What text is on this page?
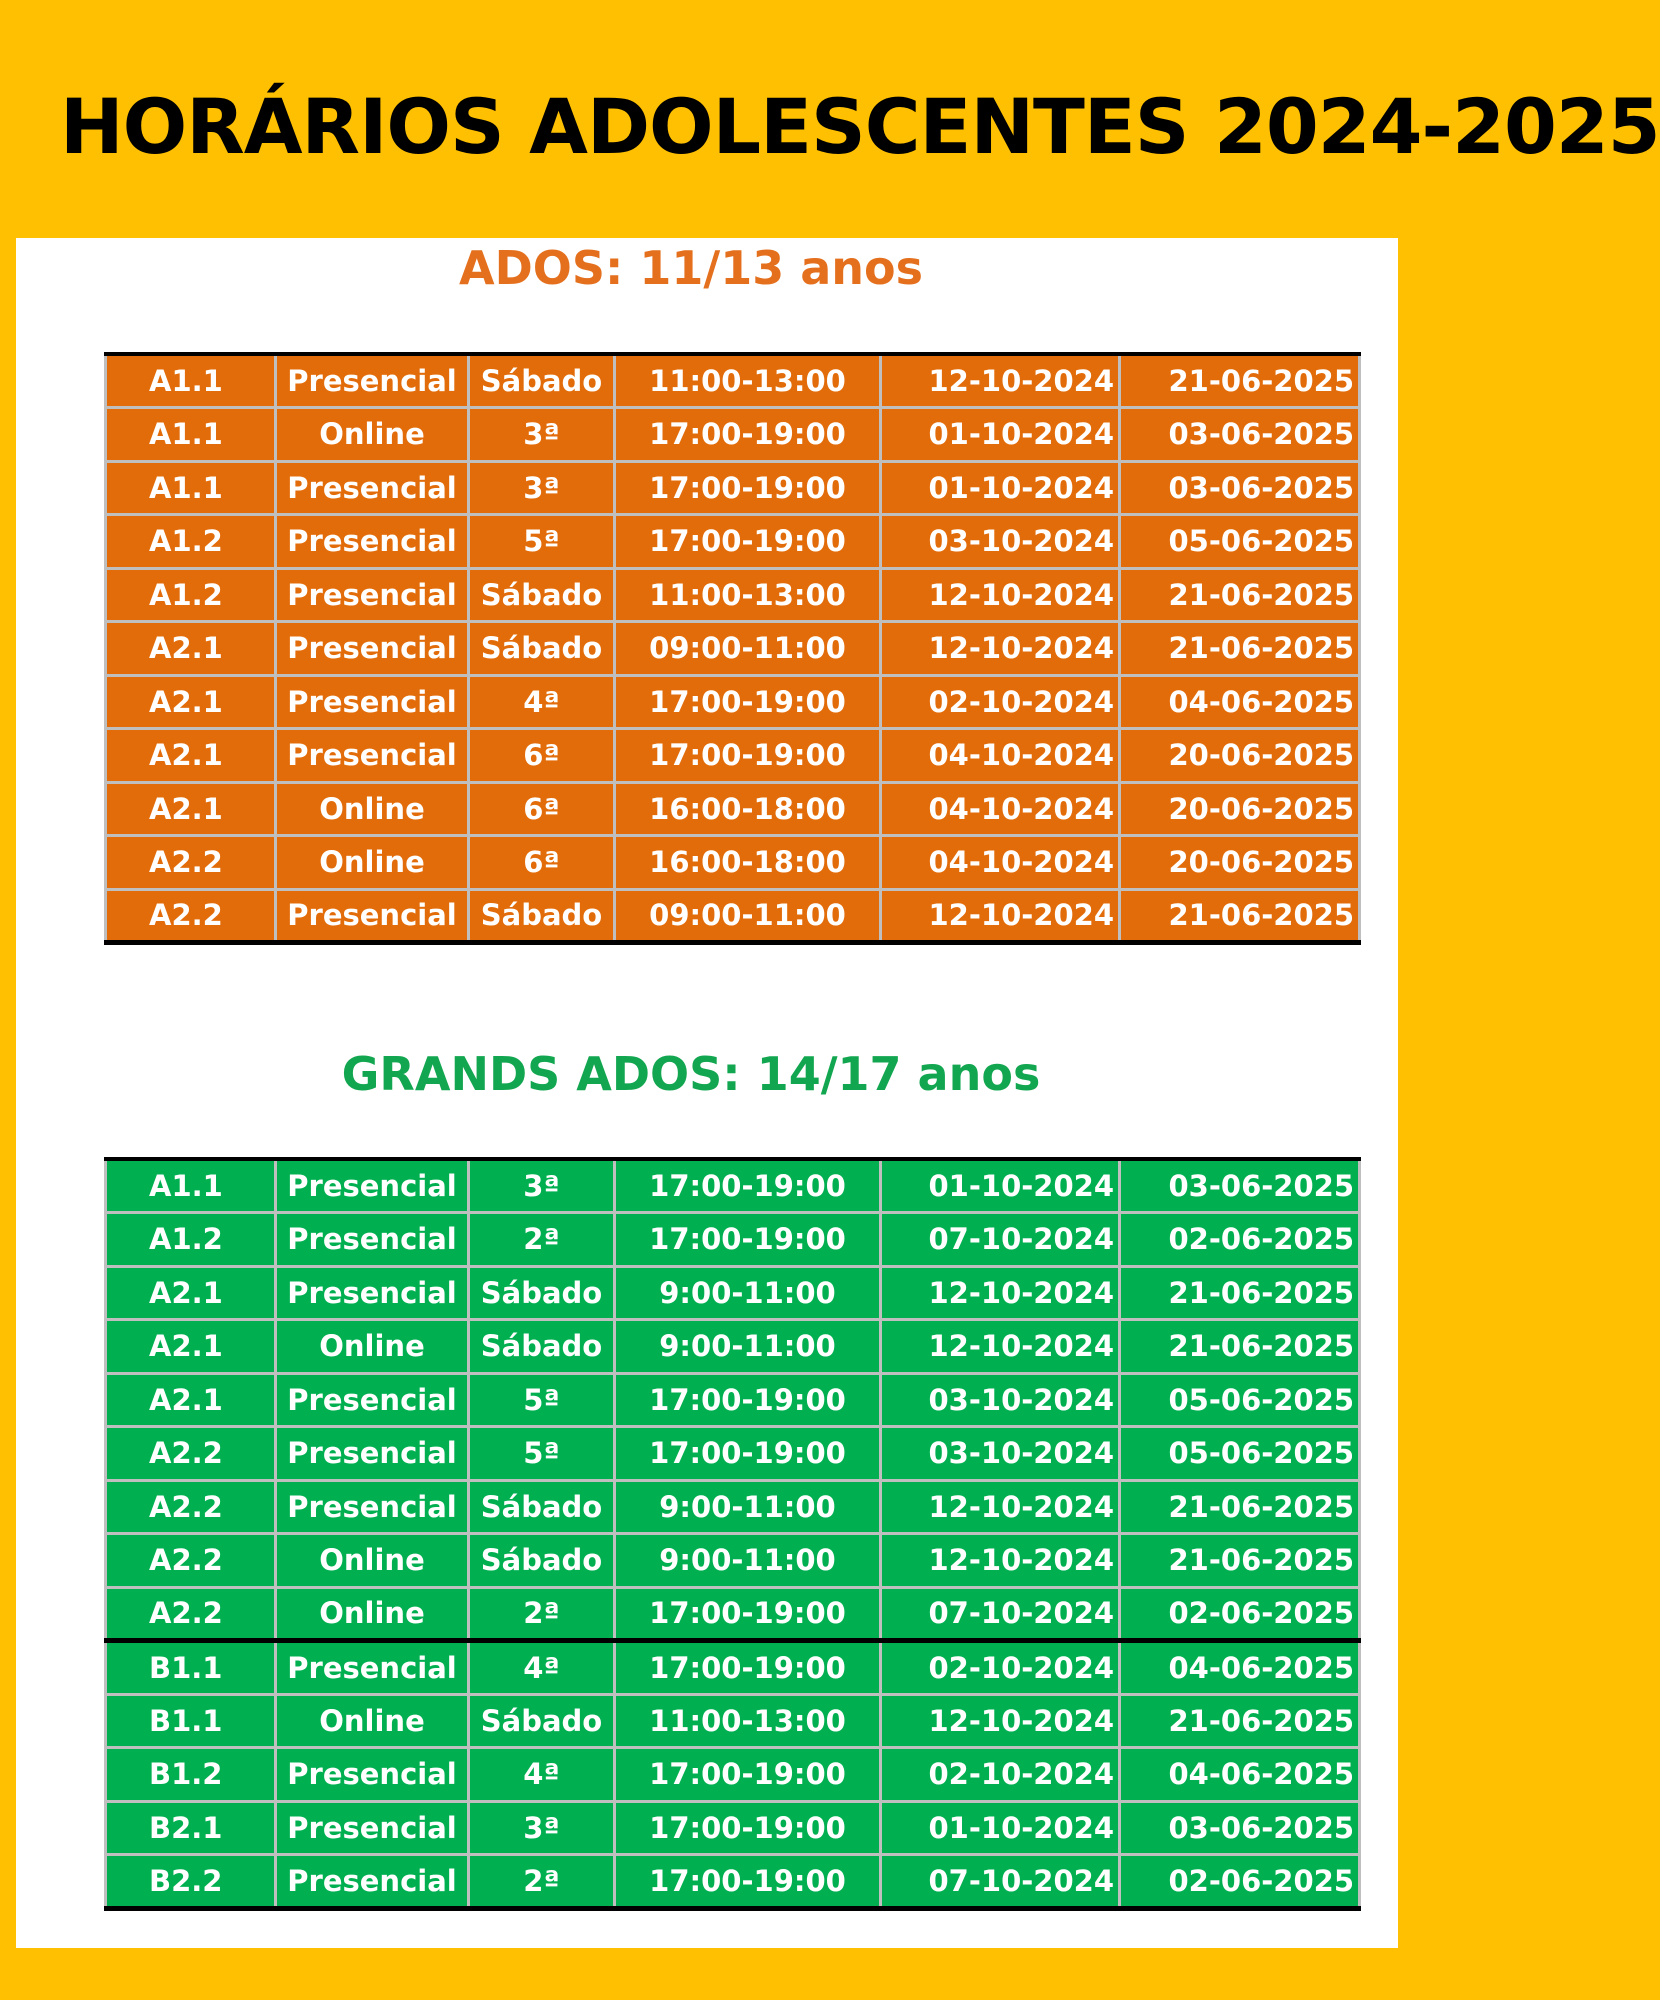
HORÁRIOS ADOLESCENTES 2024-2025
ADOS: 11/13 anos
A1.1	Presencial	Sábado	11:00-13:00	12-10-2024	21-06-2025
A1.1	Online	3ª	17:00-19:00	01-10-2024	03-06-2025
A1.1	Presencial	3ª	17:00-19:00	01-10-2024	03-06-2025
A1.2	Presencial	5ª	17:00-19:00	03-10-2024	05-06-2025
A1.2	Presencial	Sábado	11:00-13:00	12-10-2024	21-06-2025
A2.1	Presencial	Sábado	09:00-11:00	12-10-2024	21-06-2025
A2.1	Presencial	4ª	17:00-19:00	02-10-2024	04-06-2025
A2.1	Presencial	6ª	17:00-19:00	04-10-2024	20-06-2025
A2.1	Online	6ª	16:00-18:00	04-10-2024	20-06-2025
A2.2	Online	6ª	16:00-18:00	04-10-2024	20-06-2025
A2.2	Presencial	Sábado	09:00-11:00	12-10-2024	21-06-2025
GRANDS ADOS: 14/17 anos
A1.1	Presencial	3ª	17:00-19:00	01-10-2024	03-06-2025
A1.2	Presencial	2ª	17:00-19:00	07-10-2024	02-06-2025
A2.1	Presencial	Sábado	9:00-11:00	12-10-2024	21-06-2025
A2.1	Online	Sábado	9:00-11:00	12-10-2024	21-06-2025
A2.1	Presencial	5ª	17:00-19:00	03-10-2024	05-06-2025
A2.2	Presencial	5ª	17:00-19:00	03-10-2024	05-06-2025
A2.2	Presencial	Sábado	9:00-11:00	12-10-2024	21-06-2025
A2.2	Online	Sábado	9:00-11:00	12-10-2024	21-06-2025
A2.2	Online	2ª	17:00-19:00	07-10-2024	02-06-2025
B1.1	Presencial	4ª	17:00-19:00	02-10-2024	04-06-2025
B1.1	Online	Sábado	11:00-13:00	12-10-2024	21-06-2025
B1.2	Presencial	4ª	17:00-19:00	02-10-2024	04-06-2025
B2.1	Presencial	3ª	17:00-19:00	01-10-2024	03-06-2025
B2.2	Presencial	2ª	17:00-19:00	07-10-2024	02-06-2025
